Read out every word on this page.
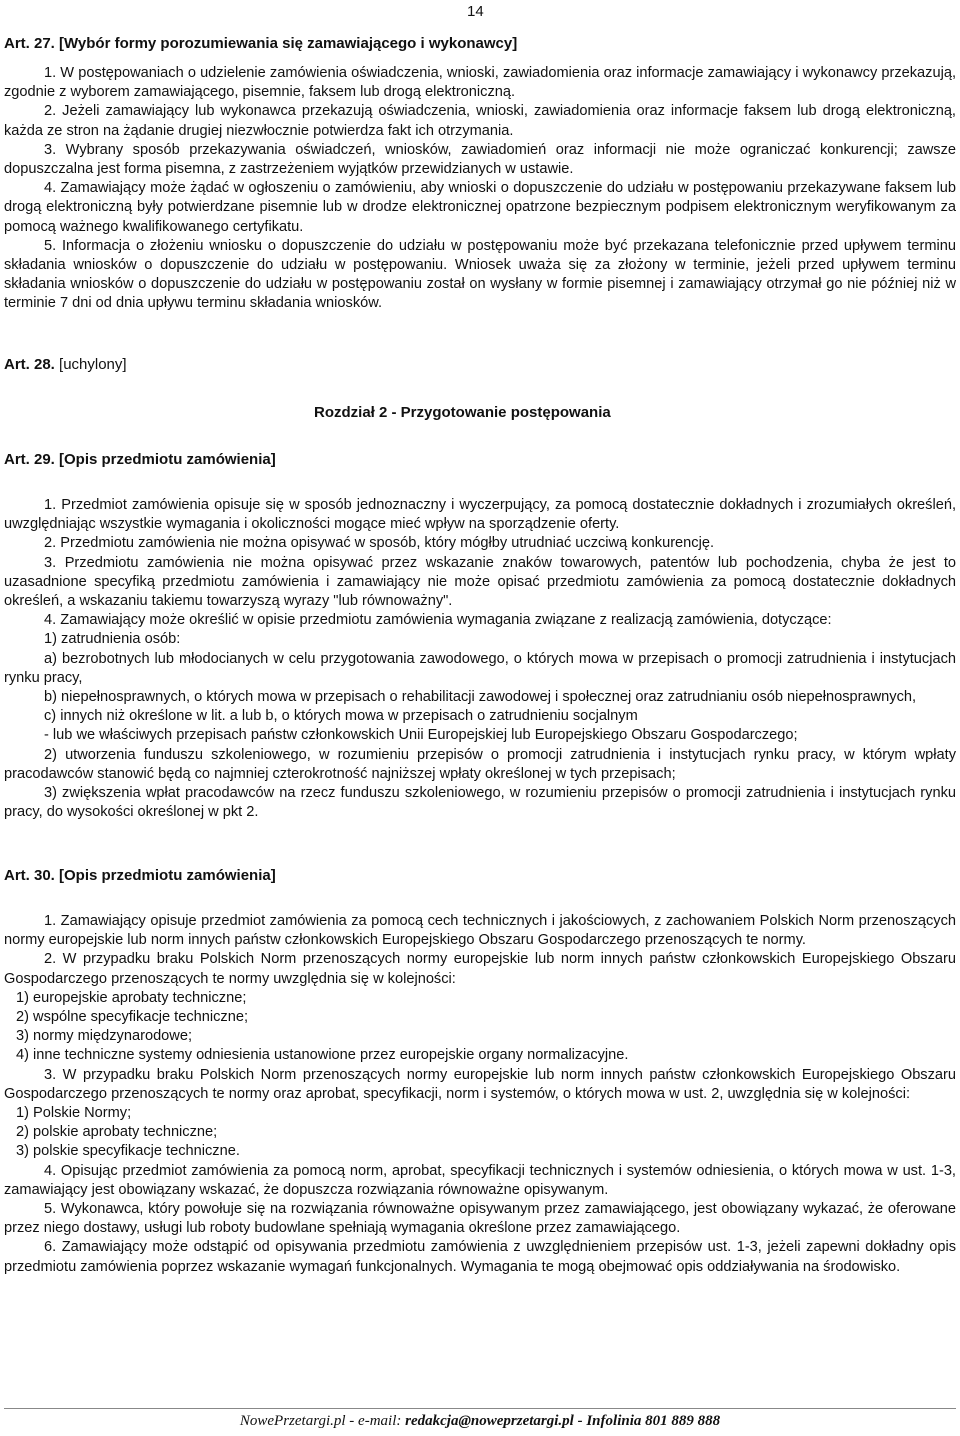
14
Art. 27. [Wybór formy porozumiewania się zamawiającego i wykonawcy]

1. W postępowaniach o udzielenie zamówienia oświadczenia, wnioski, zawiadomienia oraz informacje zamawiający i wykonawcy przekazują, zgodnie z wyborem zamawiającego, pisemnie, faksem lub drogą elektroniczną.

2. Jeżeli zamawiający lub wykonawca przekazują oświadczenia, wnioski, zawiadomienia oraz informacje faksem lub drogą elektroniczną, każda ze stron na żądanie drugiej niezwłocznie potwierdza fakt ich otrzymania.

3. Wybrany sposób przekazywania oświadczeń, wniosków, zawiadomień oraz informacji nie może ograniczać konkurencji; zawsze dopuszczalna jest forma pisemna, z zastrzeżeniem wyjątków przewidzianych w ustawie.

4. Zamawiający może żądać w ogłoszeniu o zamówieniu, aby wnioski o dopuszczenie do udziału w postępowaniu przekazywane faksem lub drogą elektroniczną były potwierdzane pisemnie lub w drodze elektronicznej opatrzone bezpiecznym podpisem elektronicznym weryfikowanym za pomocą ważnego kwalifikowanego certyfikatu.

5. Informacja o złożeniu wniosku o dopuszczenie do udziału w postępowaniu może być przekazana telefonicznie przed upływem terminu składania wniosków o dopuszczenie do udziału w postępowaniu. Wniosek uważa się za złożony w terminie, jeżeli przed upływem terminu składania wniosków o dopuszczenie do udziału w postępowaniu został on wysłany w formie pisemnej i zamawiający otrzymał go nie później niż w terminie 7 dni od dnia upływu terminu składania wniosków.

Art. 28. [uchylony]
Rozdział 2 - Przygotowanie postępowania
Art. 29. [Opis przedmiotu zamówienia]

1. Przedmiot zamówienia opisuje się w sposób jednoznaczny i wyczerpujący, za pomocą dostatecznie dokładnych i zrozumiałych określeń, uwzględniając wszystkie wymagania i okoliczności mogące mieć wpływ na sporządzenie oferty.

2. Przedmiotu zamówienia nie można opisywać w sposób, który mógłby utrudniać uczciwą konkurencję.

3. Przedmiotu zamówienia nie można opisywać przez wskazanie znaków towarowych, patentów lub pochodzenia, chyba że jest to uzasadnione specyfiką przedmiotu zamówienia i zamawiający nie może opisać przedmiotu zamówienia za pomocą dostatecznie dokładnych określeń, a wskazaniu takiemu towarzyszą wyrazy "lub równoważny".

4. Zamawiający może określić w opisie przedmiotu zamówienia wymagania związane z realizacją zamówienia, dotyczące:

1) zatrudnienia osób:

a) bezrobotnych lub młodocianych w celu przygotowania zawodowego, o których mowa w przepisach o promocji zatrudnienia i instytucjach rynku pracy,

b) niepełnosprawnych, o których mowa w przepisach o rehabilitacji zawodowej i społecznej oraz zatrudnianiu osób niepełnosprawnych,

c) innych niż określone w lit. a lub b, o których mowa w przepisach o zatrudnieniu socjalnym

- lub we właściwych przepisach państw członkowskich Unii Europejskiej lub Europejskiego Obszaru Gospodarczego;

2) utworzenia funduszu szkoleniowego, w rozumieniu przepisów o promocji zatrudnienia i instytucjach rynku pracy, w którym wpłaty pracodawców stanowić będą co najmniej czterokrotność najniższej wpłaty określonej w tych przepisach;

3) zwiększenia wpłat pracodawców na rzecz funduszu szkoleniowego, w rozumieniu przepisów o promocji zatrudnienia i instytucjach rynku pracy, do wysokości określonej w pkt 2.

Art. 30. [Opis przedmiotu zamówienia]

1. Zamawiający opisuje przedmiot zamówienia za pomocą cech technicznych i jakościowych, z zachowaniem Polskich Norm przenoszących normy europejskie lub norm innych państw członkowskich Europejskiego Obszaru Gospodarczego przenoszących te normy.

2. W przypadku braku Polskich Norm przenoszących normy europejskie lub norm innych państw członkowskich Europejskiego Obszaru Gospodarczego przenoszących te normy uwzględnia się w kolejności:

1) europejskie aprobaty techniczne;

2) wspólne specyfikacje techniczne;

3) normy międzynarodowe;

4) inne techniczne systemy odniesienia ustanowione przez europejskie organy normalizacyjne.

3. W przypadku braku Polskich Norm przenoszących normy europejskie lub norm innych państw członkowskich Europejskiego Obszaru Gospodarczego przenoszących te normy oraz aprobat, specyfikacji, norm i systemów, o których mowa w ust. 2, uwzględnia się w kolejności:

1) Polskie Normy;

2) polskie aprobaty techniczne;

3) polskie specyfikacje techniczne.

4. Opisując przedmiot zamówienia za pomocą norm, aprobat, specyfikacji technicznych i systemów odniesienia, o których mowa w ust. 1-3, zamawiający jest obowiązany wskazać, że dopuszcza rozwiązania równoważne opisywanym.

5. Wykonawca, który powołuje się na rozwiązania równoważne opisywanym przez zamawiającego, jest obowiązany wykazać, że oferowane przez niego dostawy, usługi lub roboty budowlane spełniają wymagania określone przez zamawiającego.

6. Zamawiający może odstąpić od opisywania przedmiotu zamówienia z uwzględnieniem przepisów ust. 1-3, jeżeli zapewni dokładny opis przedmiotu zamówienia poprzez wskazanie wymagań funkcjonalnych. Wymagania te mogą obejmować opis oddziaływania na środowisko.

NowePrzetargi.pl - e-mail: redakcja@noweprzetargi.pl - Infolinia 801 889 888
